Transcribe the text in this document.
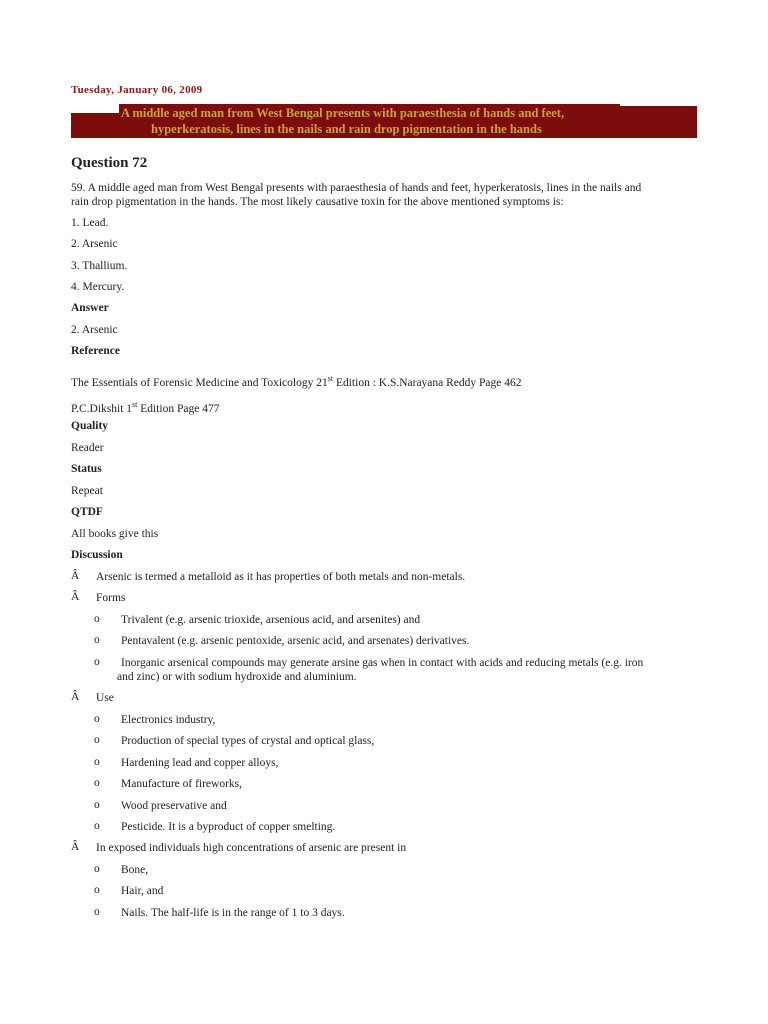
Tuesday, January 06, 2009
A middle aged man from West Bengal presents with paraesthesia of hands and feet,
hyperkeratosis, lines in the nails and rain drop pigmentation in the hands
Question 72
59. A middle aged man from West Bengal presents with paraesthesia of hands and feet, hyperkeratosis, lines in the nails and
rain drop pigmentation in the hands. The most likely causative toxin for the above mentioned symptoms is:
1. Lead.
2. Arsenic
3. Thallium.
4. Mercury.
Answer
2. Arsenic
Reference
The Essentials of Forensic Medicine and Toxicology 21st Edition : K.S.Narayana Reddy Page 462
P.C.Dikshit 1st Edition Page 477
Quality
Reader
Status
Repeat
QTDF
All books give this
Discussion
Â Arsenic is termed a metalloid as it has properties of both metals and non-metals.
Â Forms
o Trivalent (e.g. arsenic trioxide, arsenious acid, and arsenites) and
o Pentavalent (e.g. arsenic pentoxide, arsenic acid, and arsenates) derivatives.
o Inorganic arsenical compounds may generate arsine gas when in contact with acids and reducing metals (e.g. iron
and zinc) or with sodium hydroxide and aluminium.
Â Use
o Electronics industry,
o Production of special types of crystal and optical glass,
o Hardening lead and copper alloys,
o Manufacture of fireworks,
o Wood preservative and
o Pesticide. It is a byproduct of copper smelting.
Â In exposed individuals high concentrations of arsenic are present in
o Bone,
o Hair, and
o Nails. The half-life is in the range of 1 to 3 days.
